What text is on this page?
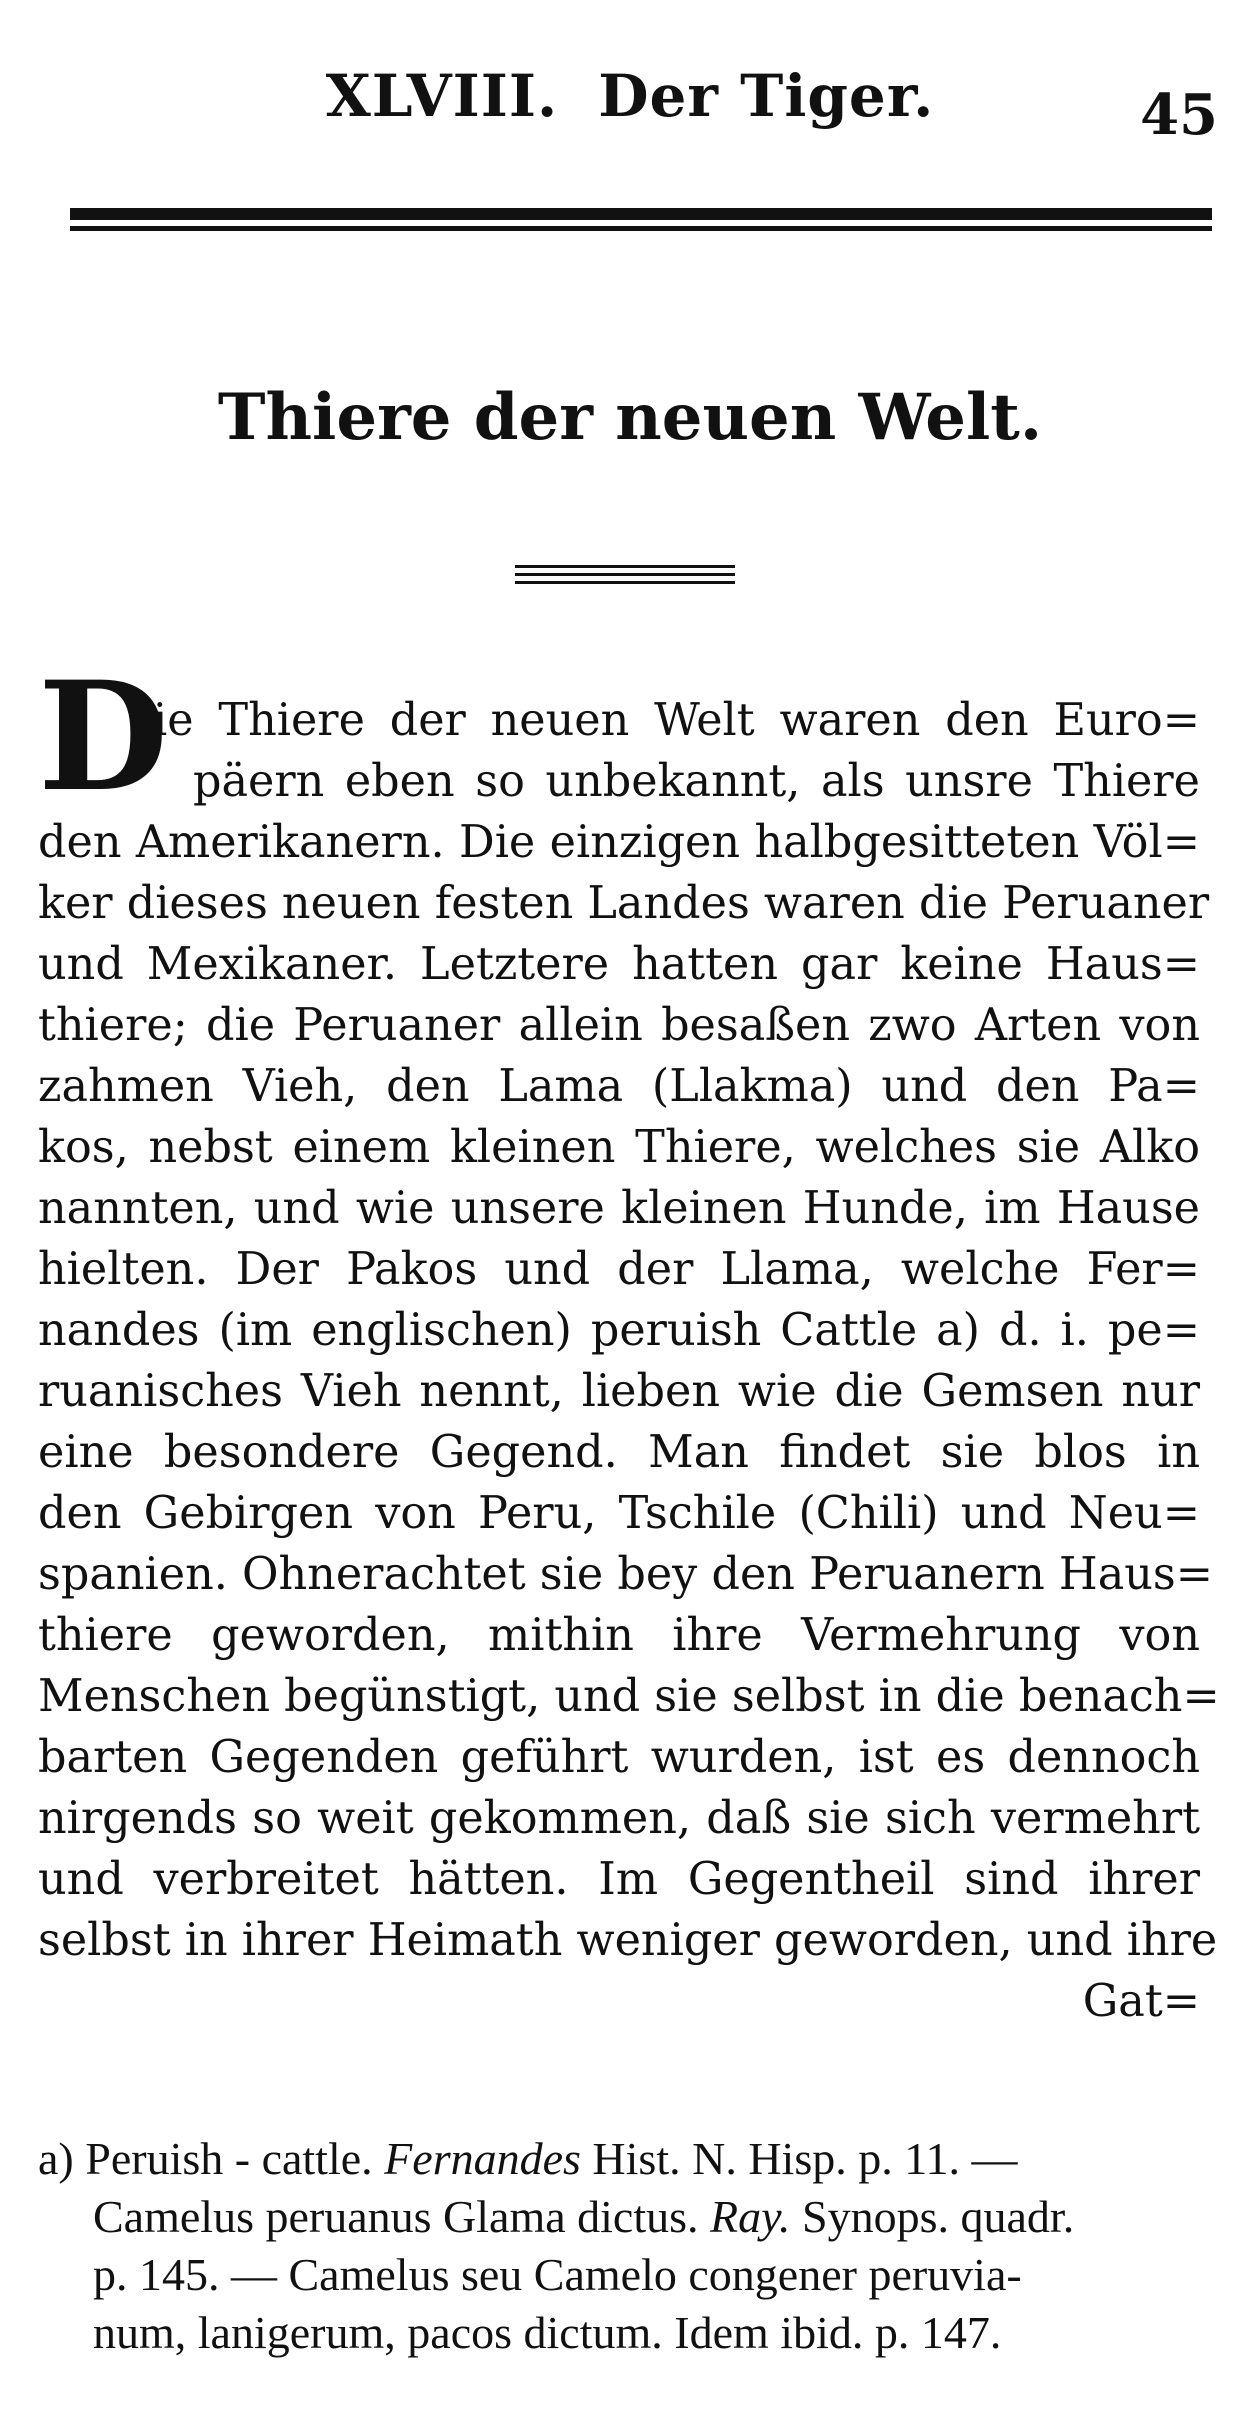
XLVIII. Der Tiger.	45
Thiere der neuen Welt.
D
ie Thiere der neuen Welt waren den Euro=
päern eben so unbekannt, als unsre Thiere
den Amerikanern. Die einzigen halbgesitteten Völ=
ker dieses neuen festen Landes waren die Peruaner
und Mexikaner. Letztere hatten gar keine Haus=
thiere; die Peruaner allein besaßen zwo Arten von
zahmen Vieh, den Lama (Llakma) und den Pa=
kos, nebst einem kleinen Thiere, welches sie Alko
nannten, und wie unsere kleinen Hunde, im Hause
hielten. Der Pakos und der Llama, welche Fer=
nandes (im englischen) peruish Cattle a) d. i. pe=
ruanisches Vieh nennt, lieben wie die Gemsen nur
eine besondere Gegend. Man findet sie blos in
den Gebirgen von Peru, Tschile (Chili) und Neu=
spanien. Ohnerachtet sie bey den Peruanern Haus=
thiere geworden, mithin ihre Vermehrung von
Menschen begünstigt, und sie selbst in die benach=
barten Gegenden geführt wurden, ist es dennoch
nirgends so weit gekommen, daß sie sich vermehrt
und verbreitet hätten. Im Gegentheil sind ihrer
selbst in ihrer Heimath weniger geworden, und ihre
Gat=
a) Peruish - cattle. Fernandes Hist. N. Hisp. p. 11. —
Camelus peruanus Glama dictus. Ray. Synops. quadr.
p. 145. — Camelus seu Camelo congener peruvia-
num, lanigerum, pacos dictum. Idem ibid. p. 147.
